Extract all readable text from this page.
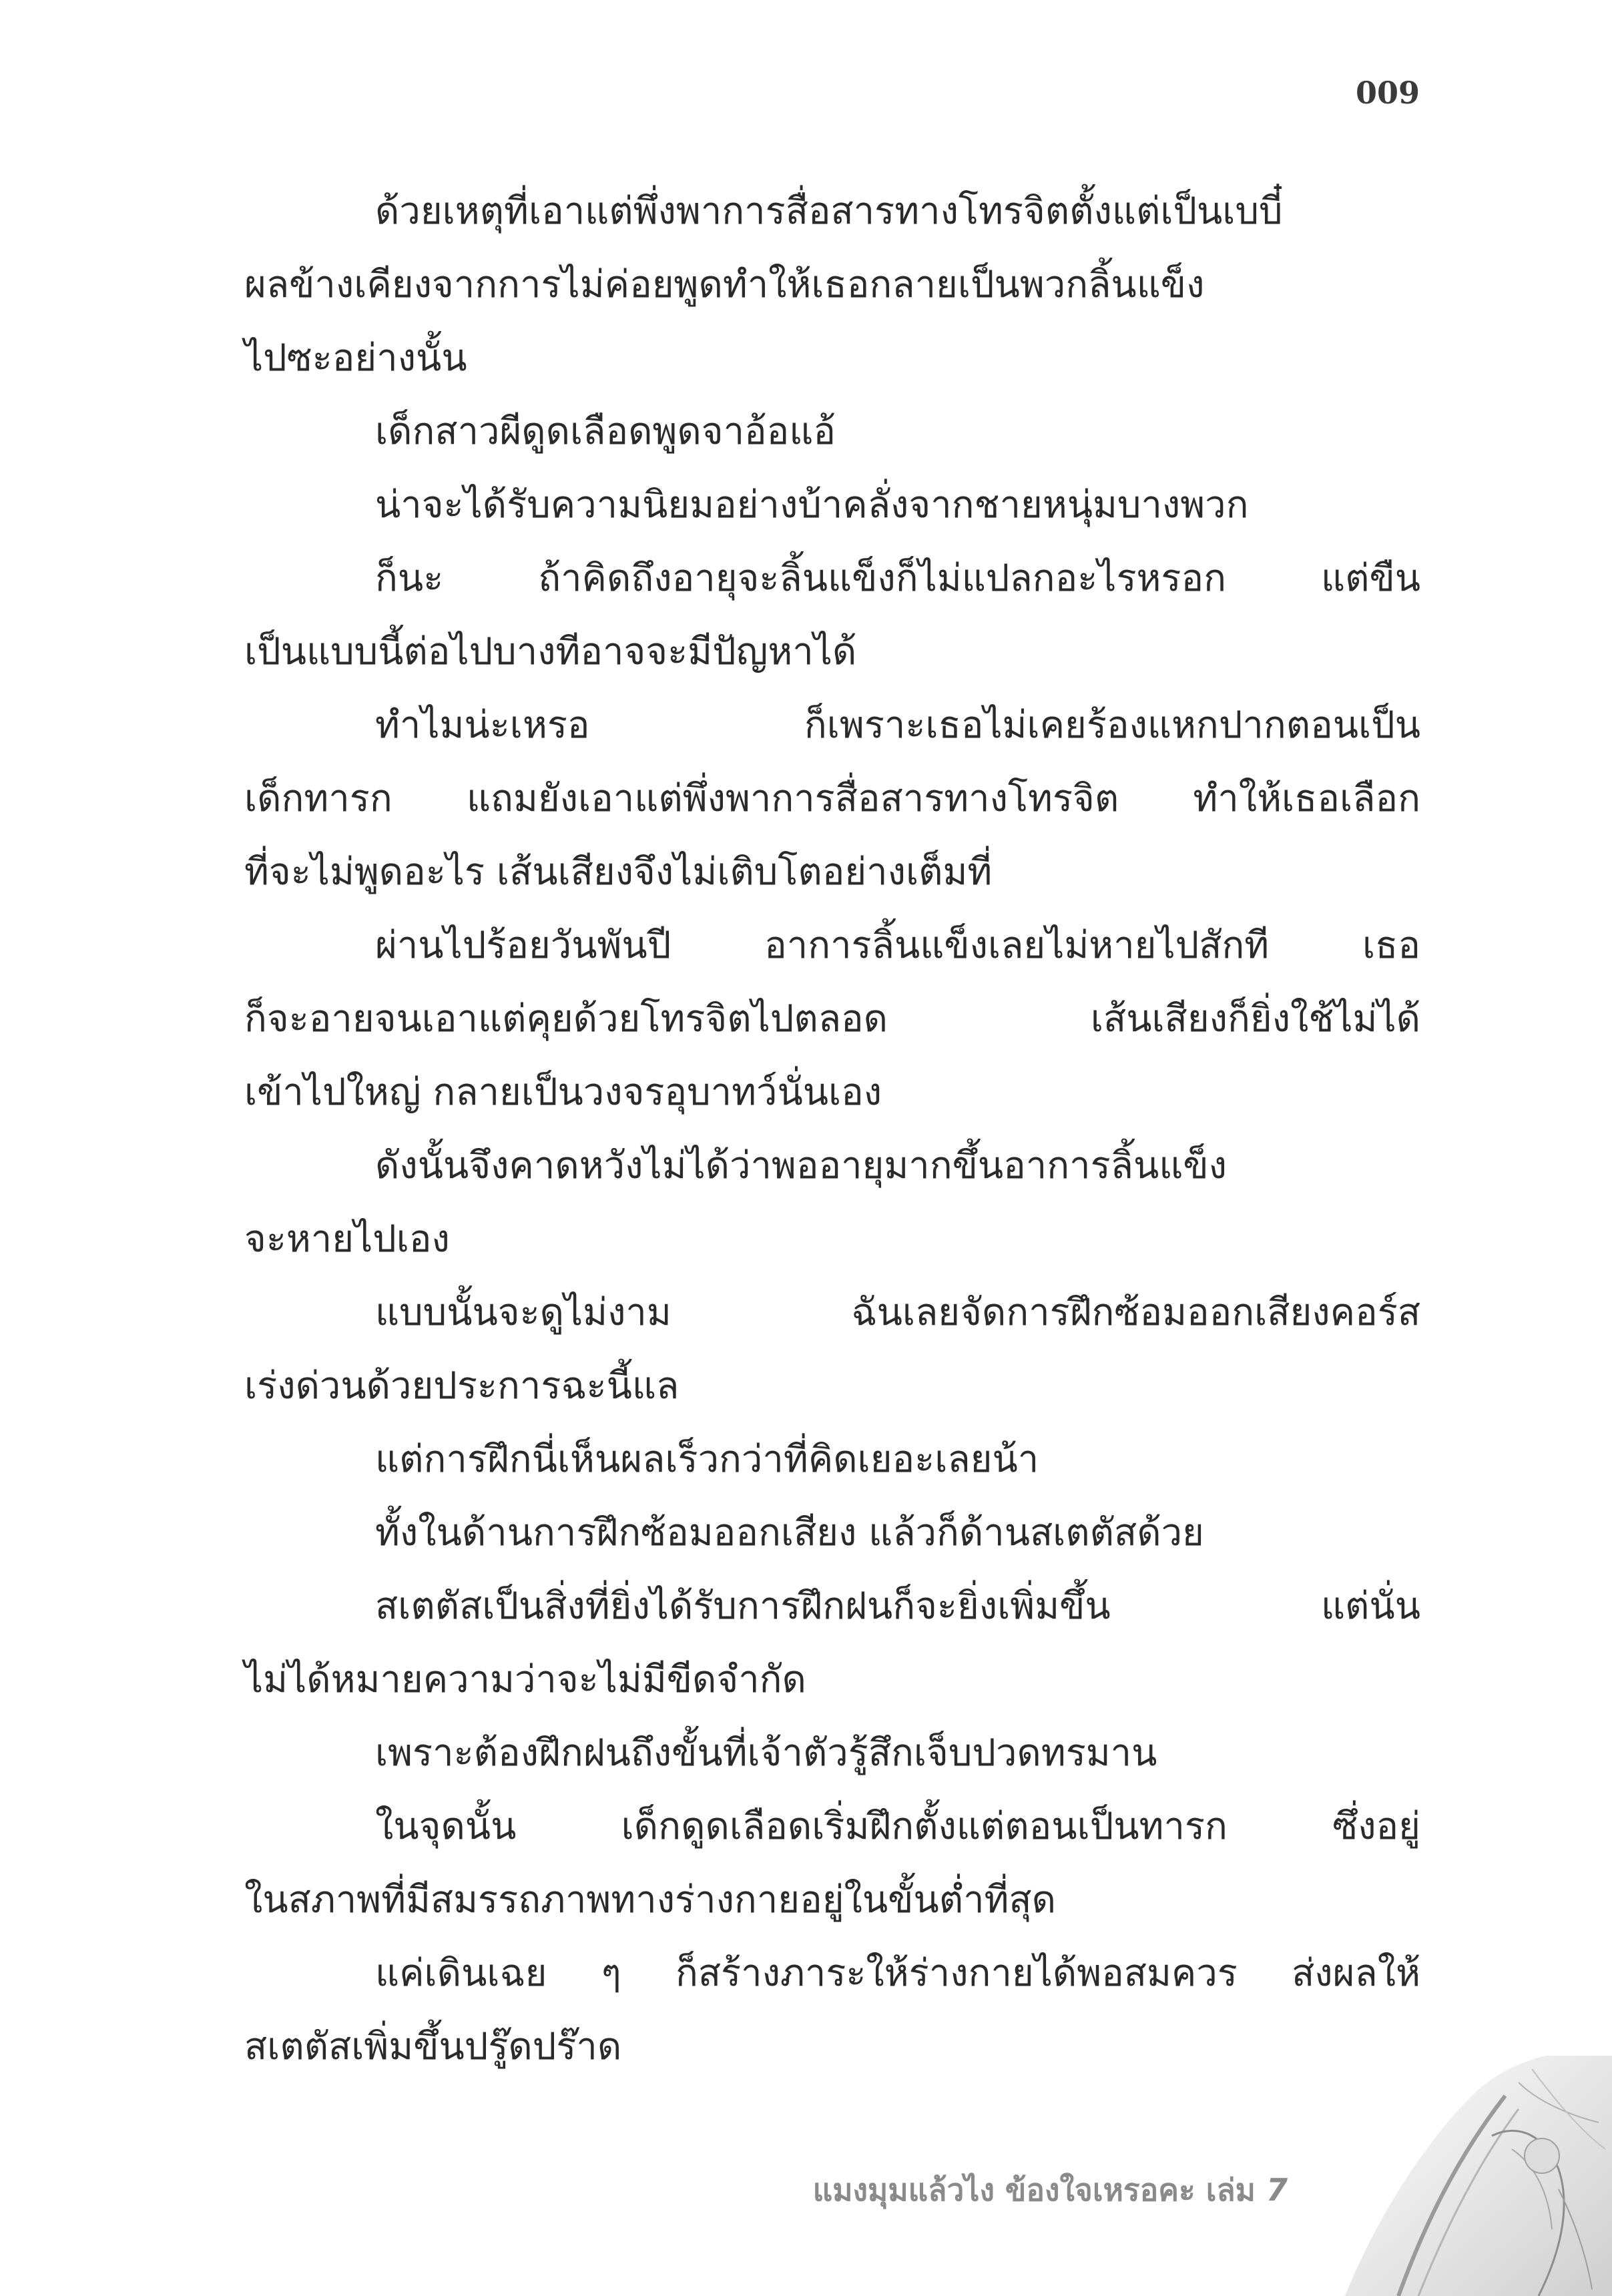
009
ด้วยเหตุที่เอาแต่พึ่งพาการสื่อสารทางโทรจิตตั้งแต่เป็นเบบี๋
ผลข้างเคียงจากการไม่ค่อยพูดทำให้เธอกลายเป็นพวกลิ้นแข็ง
ไปซะอย่างนั้น
เด็กสาวผีดูดเลือดพูดจาอ้อแอ้
น่าจะได้รับความนิยมอย่างบ้าคลั่งจากชายหนุ่มบางพวก
ก็นะ ถ้าคิดถึงอายุจะลิ้นแข็งก็ไม่แปลกอะไรหรอก แต่ขืน
เป็นแบบนี้ต่อไปบางทีอาจจะมีปัญหาได้
ทำไมน่ะเหรอ ก็เพราะเธอไม่เคยร้องแหกปากตอนเป็น
เด็กทารก แถมยังเอาแต่พึ่งพาการสื่อสารทางโทรจิต ทำให้เธอเลือก
ที่จะไม่พูดอะไร เส้นเสียงจึงไม่เติบโตอย่างเต็มที่
ผ่านไปร้อยวันพันปี อาการลิ้นแข็งเลยไม่หายไปสักที เธอ
ก็จะอายจนเอาแต่คุยด้วยโทรจิตไปตลอด เส้นเสียงก็ยิ่งใช้ไม่ได้
เข้าไปใหญ่ กลายเป็นวงจรอุบาทว์นั่นเอง
ดังนั้นจึงคาดหวังไม่ได้ว่าพออายุมากขึ้นอาการลิ้นแข็ง
จะหายไปเอง
แบบนั้นจะดูไม่งาม ฉันเลยจัดการฝึกซ้อมออกเสียงคอร์ส
เร่งด่วนด้วยประการฉะนี้แล
แต่การฝึกนี่เห็นผลเร็วกว่าที่คิดเยอะเลยน้า
ทั้งในด้านการฝึกซ้อมออกเสียง แล้วก็ด้านสเตตัสด้วย
สเตตัสเป็นสิ่งที่ยิ่งได้รับการฝึกฝนก็จะยิ่งเพิ่มขึ้น แต่นั่น
ไม่ได้หมายความว่าจะไม่มีขีดจำกัด
เพราะต้องฝึกฝนถึงขั้นที่เจ้าตัวรู้สึกเจ็บปวดทรมาน
ในจุดนั้น เด็กดูดเลือดเริ่มฝึกตั้งแต่ตอนเป็นทารก ซึ่งอยู่
ในสภาพที่มีสมรรถภาพทางร่างกายอยู่ในขั้นต่ำที่สุด
แค่เดินเฉย ๆ ก็สร้างภาระให้ร่างกายได้พอสมควร ส่งผลให้
สเตตัสเพิ่มขึ้นปรู๊ดปร๊าด
แมงมุมแล้วไง ข้องใจเหรอคะ เล่ม 7
